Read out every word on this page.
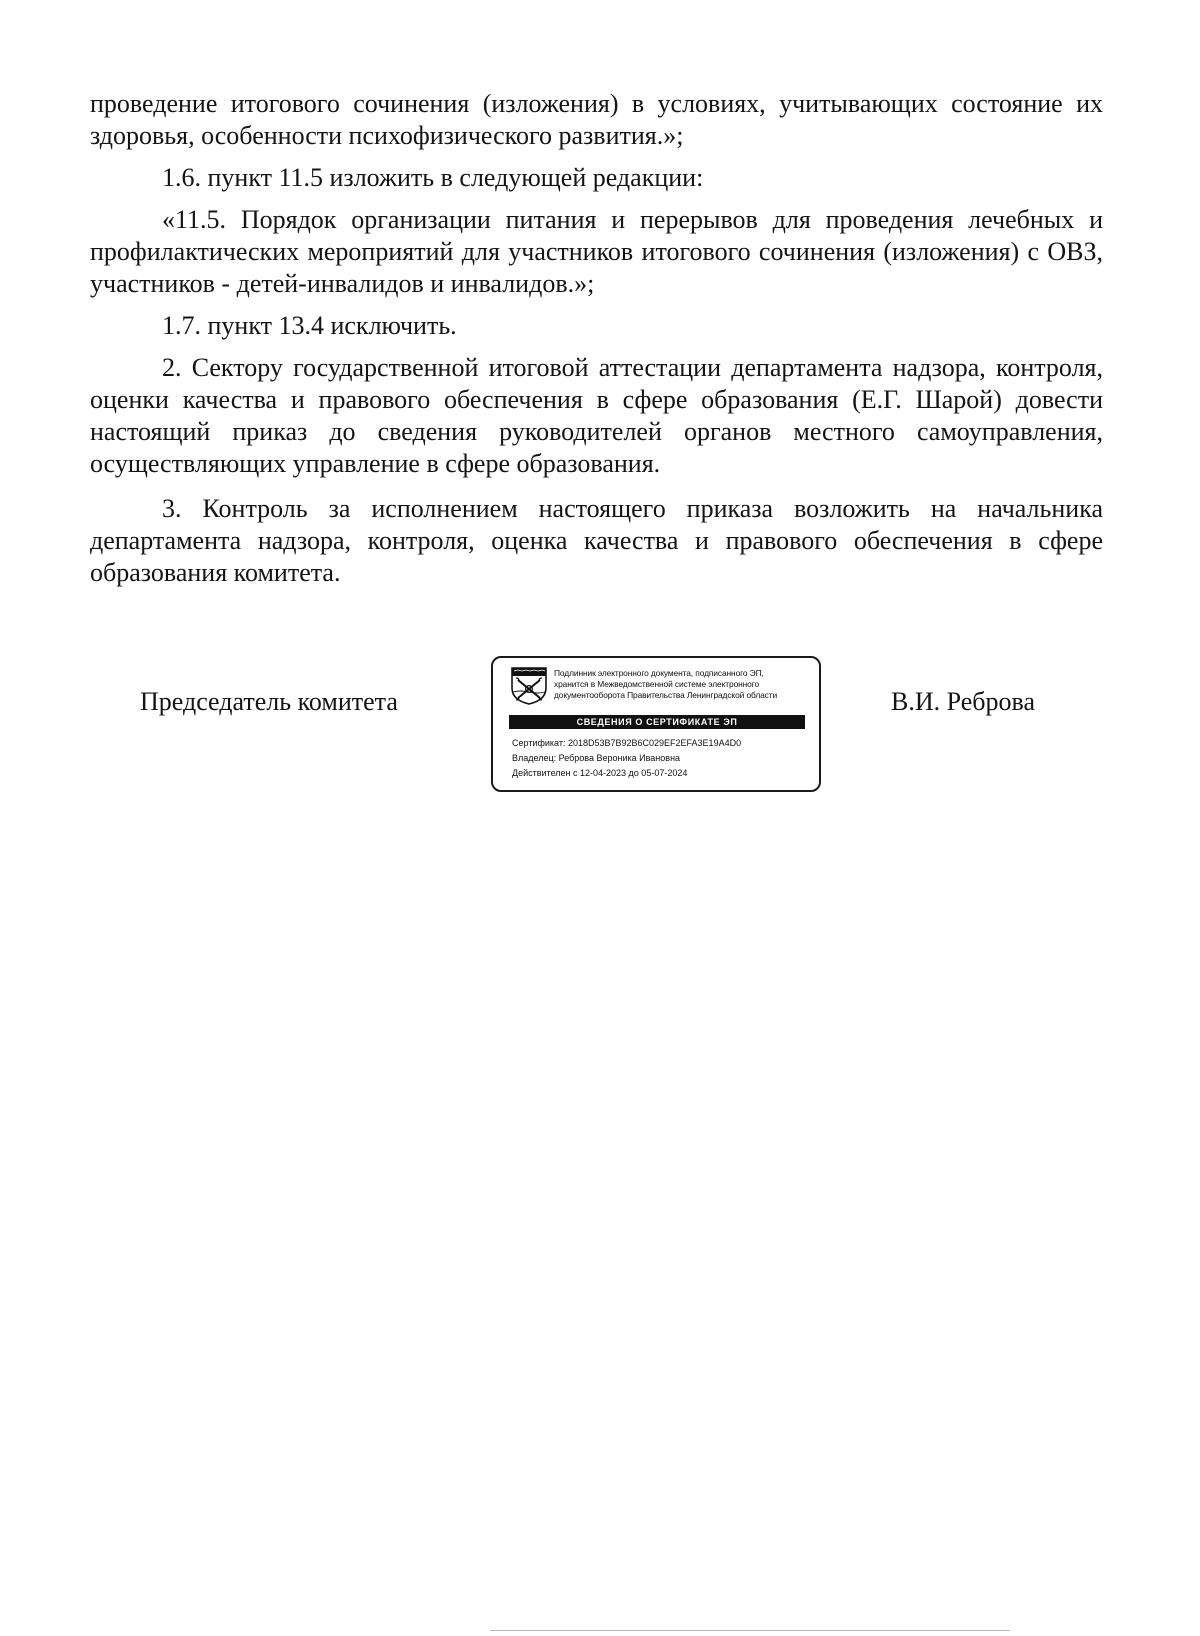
проведение итогового сочинения (изложения) в условиях, учитывающих состояние их здоровья, особенности психофизического развития.»;

1.6. пункт 11.5 изложить в следующей редакции:

«11.5. Порядок организации питания и перерывов для проведения лечебных и профилактических мероприятий для участников итогового сочинения (изложения) с ОВЗ, участников - детей-инвалидов и инвалидов.»;

1.7. пункт 13.4 исключить.

2. Сектору государственной итоговой аттестации департамента надзора, контроля, оценки качества и правового обеспечения в сфере образования (Е.Г. Шарой) довести настоящий приказ до сведения руководителей органов местного самоуправления, осуществляющих управление в сфере образования.

3. Контроль за исполнением настоящего приказа возложить на начальника департамента надзора, контроля, оценка качества и правового обеспечения в сфере образования комитета.

Председатель комитета
Подлинник электронного документа, подписанного ЭП,
хранится в Межведомственной системе электронного
документооборота Правительства Ленинградской области
СВЕДЕНИЯ О СЕРТИФИКАТЕ ЭП
Сертификат: 2018D53B7B92B6C029EF2EFA3E19A4D0
Владелец: Реброва Вероника Ивановна
Действителен с 12-04-2023 до 05-07-2024
В.И. Реброва
